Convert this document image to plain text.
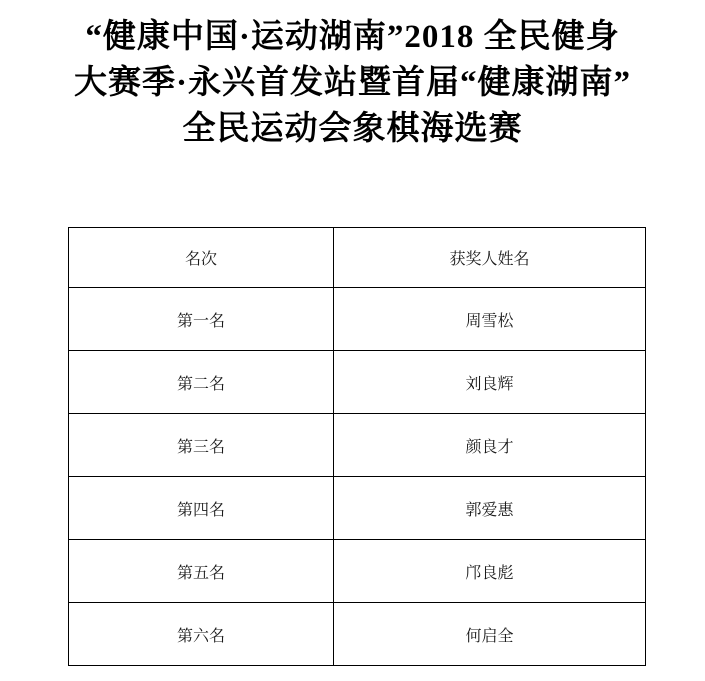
“健康中国·运动湖南”2018 全民健身
大赛季·永兴首发站暨首届“健康湖南”
全民运动会象棋海选赛
名次	获奖人姓名
第一名	周雪松
第二名	刘良辉
第三名	颜良才
第四名	郭爱惠
第五名	邝良彪
第六名	何启全
